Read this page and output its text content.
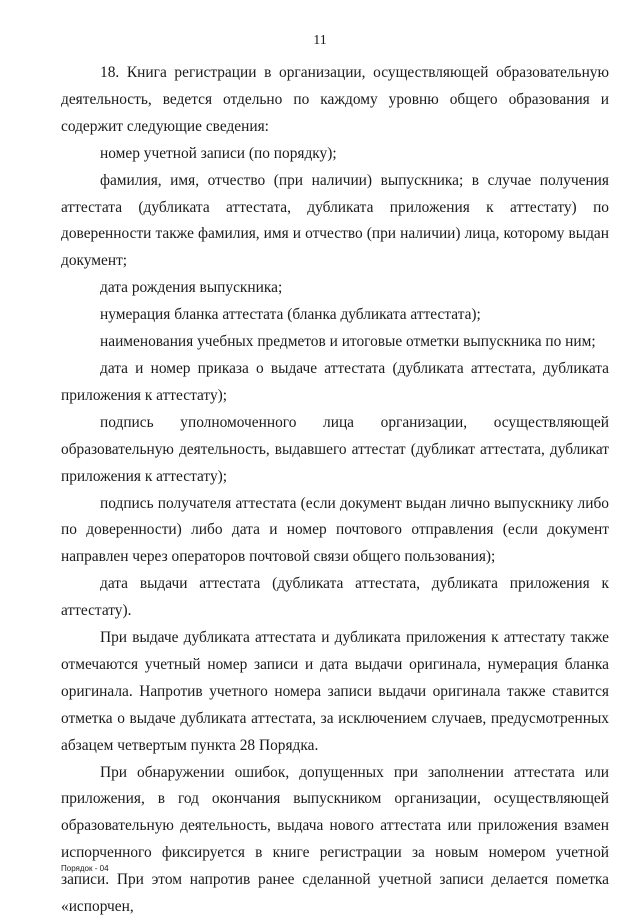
11

18. Книга регистрации в организации, осуществляющей образовательную деятельность, ведется отдельно по каждому уровню общего образования и содержит следующие сведения:

номер учетной записи (по порядку);

фамилия, имя, отчество (при наличии) выпускника; в случае получения аттестата (дубликата аттестата, дубликата приложения к аттестату) по доверенности также фамилия, имя и отчество (при наличии) лица, которому выдан документ;

дата рождения выпускника;

нумерация бланка аттестата (бланка дубликата аттестата);

наименования учебных предметов и итоговые отметки выпускника по ним;

дата и номер приказа о выдаче аттестата (дубликата аттестата, дубликата приложения к аттестату);

подпись уполномоченного лица организации, осуществляющей образовательную деятельность, выдавшего аттестат (дубликат аттестата, дубликат приложения к аттестату);

подпись получателя аттестата (если документ выдан лично выпускнику либо по доверенности) либо дата и номер почтового отправления (если документ направлен через операторов почтовой связи общего пользования);

дата выдачи аттестата (дубликата аттестата, дубликата приложения к аттестату).

При выдаче дубликата аттестата и дубликата приложения к аттестату также отмечаются учетный номер записи и дата выдачи оригинала, нумерация бланка оригинала. Напротив учетного номера записи выдачи оригинала также ставится отметка о выдаче дубликата аттестата, за исключением случаев, предусмотренных абзацем четвертым пункта 28 Порядка.

При обнаружении ошибок, допущенных при заполнении аттестата или приложения, в год окончания выпускником организации, осуществляющей образовательную деятельность, выдача нового аттестата или приложения взамен испорченного фиксируется в книге регистрации за новым номером учетной записи. При этом напротив ранее сделанной учетной записи делается пометка «испорчен,

Порядок - 04
